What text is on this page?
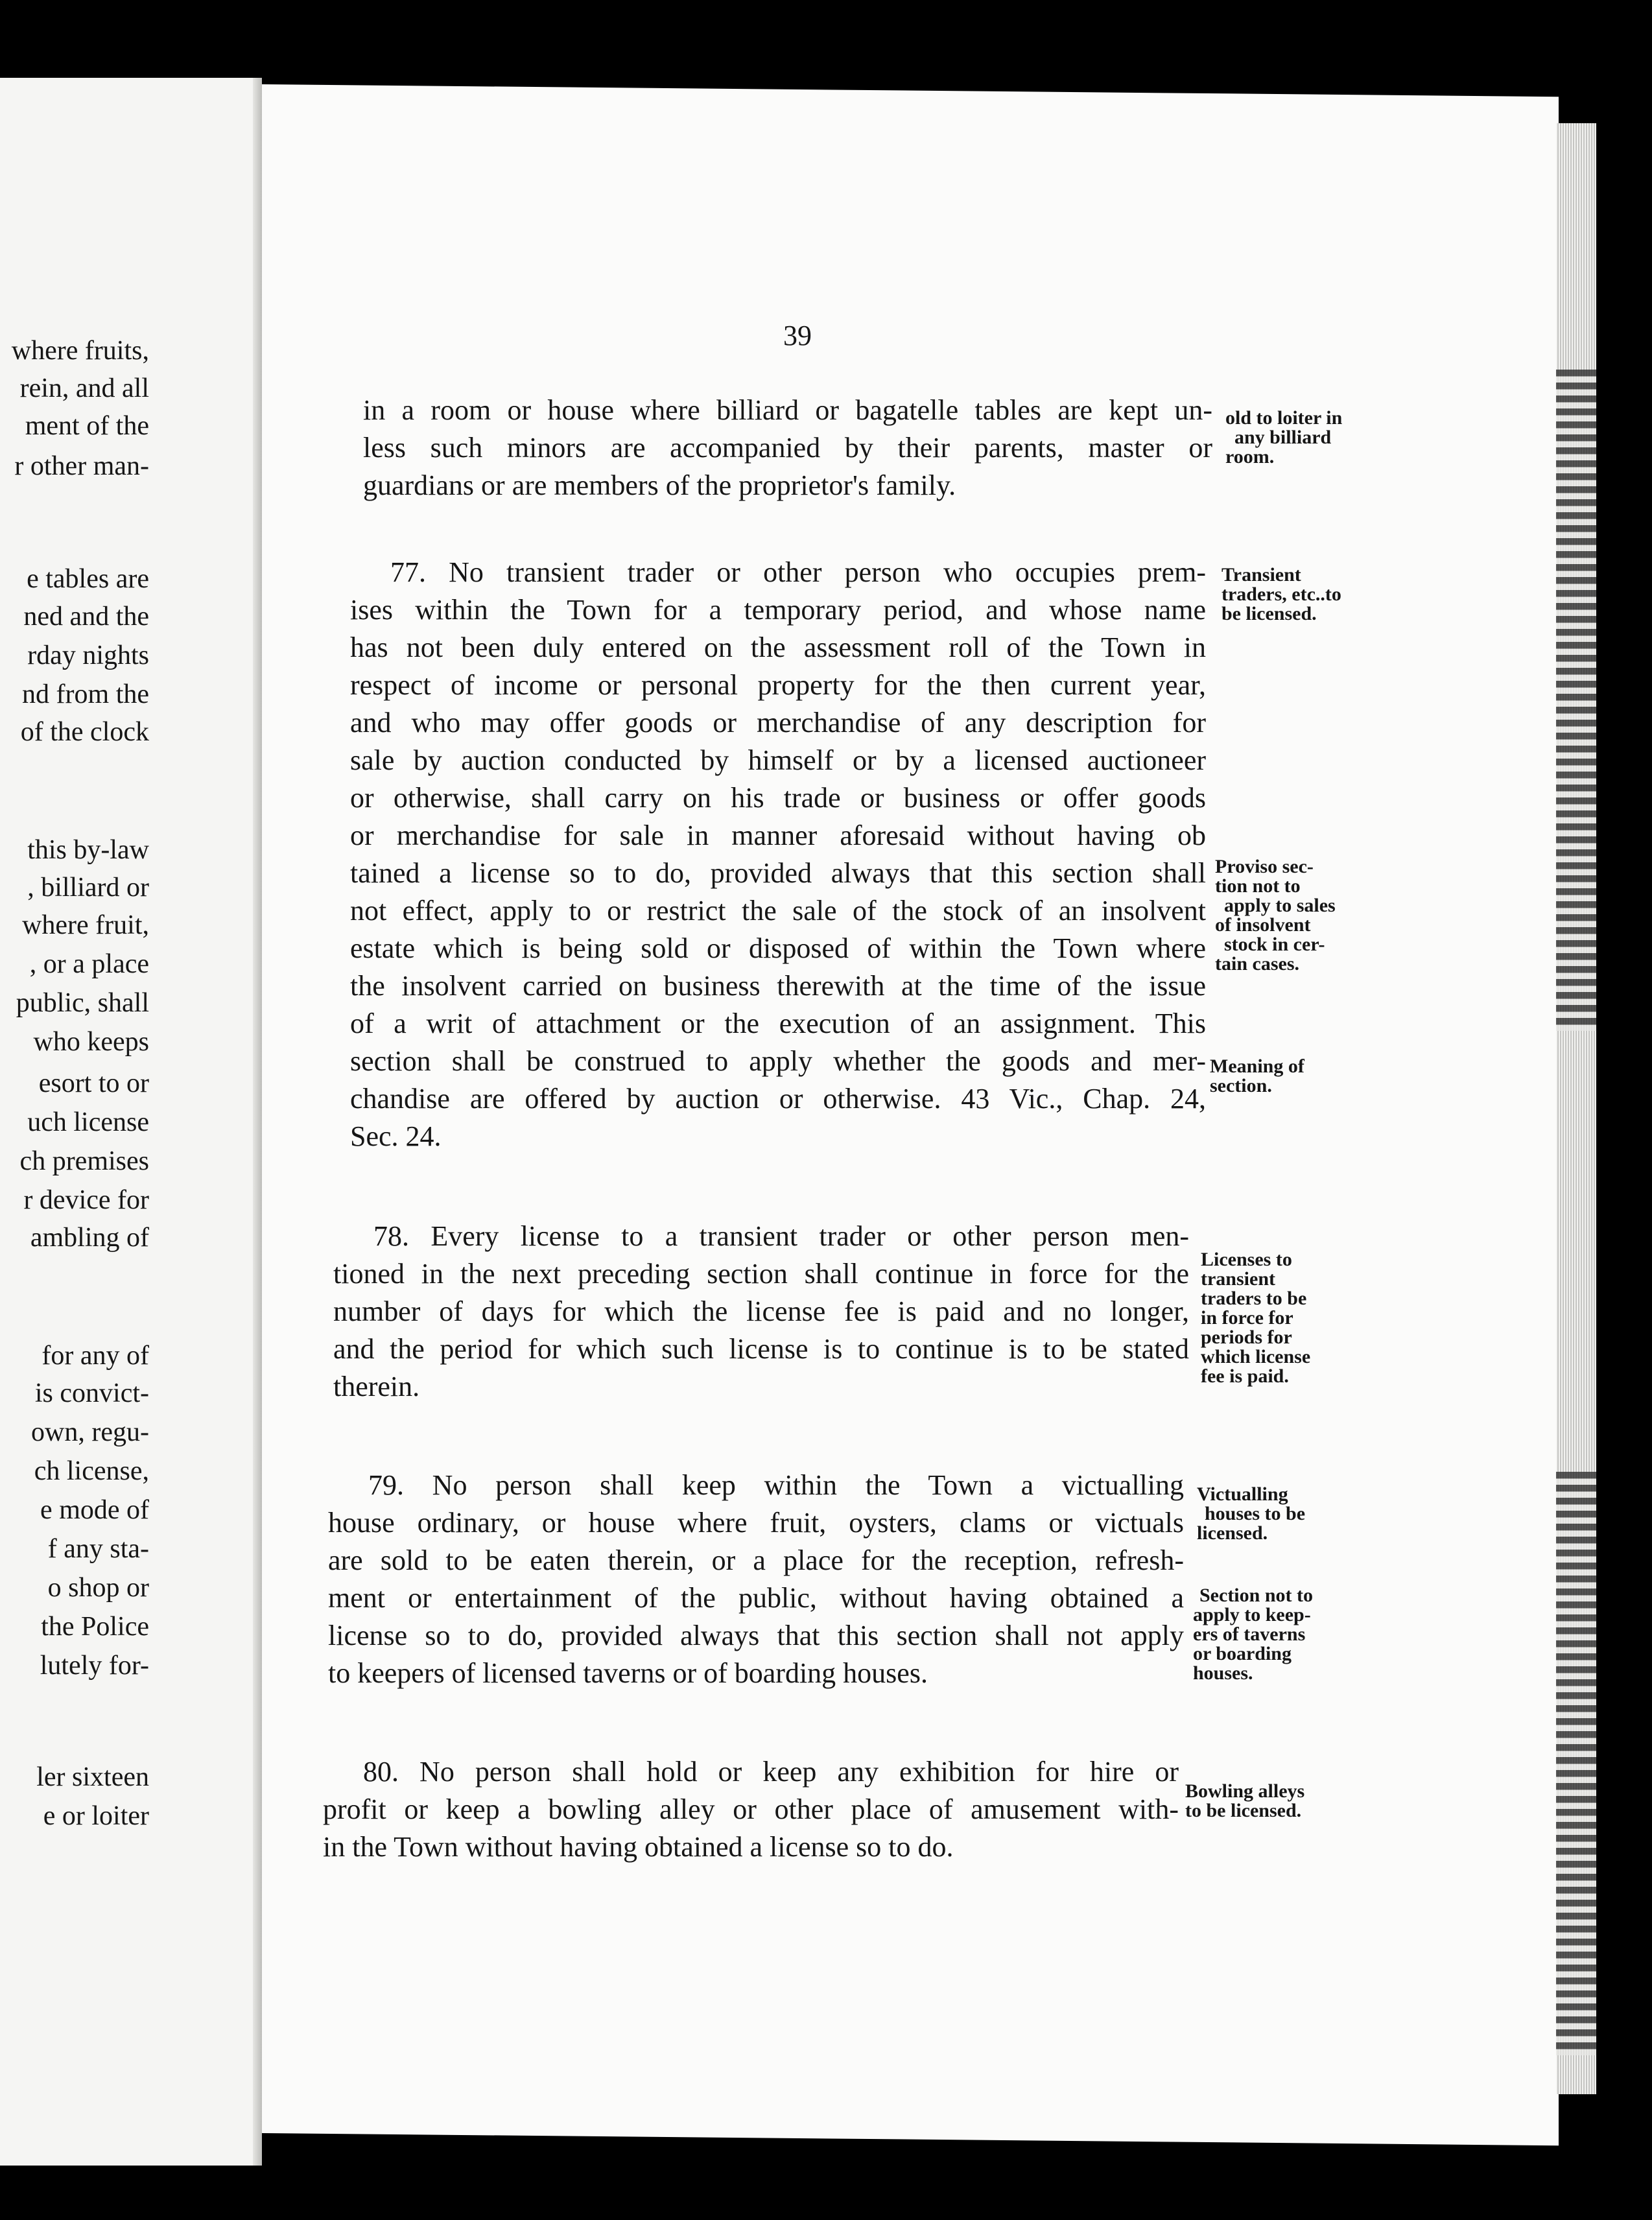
where fruits,
rein, and all
ment of the
r other man-
e tables are
ned and the
rday nights
nd from the
of the clock
this by-law
, billiard or
where fruit,
, or a place
public, shall
who keeps
esort to or
uch license
ch premises
r device for
ambling of
for any of
is convict-
own, regu-
ch license,
e mode of
f any sta-
o shop or
the Police
lutely for-
ler sixteen
e or loiter
39
in a room or house where billiard or bagatelle tables are kept un-
less such minors are accompanied by their parents, master or
guardians or are members of the proprietor's family.
old to loiter in
any billiard
room.
77. No transient trader or other person who occupies prem-
ises within the Town for a temporary period, and whose name
has not been duly entered on the assessment roll of the Town in
respect of income or personal property for the then current year,
and who may offer goods or merchandise of any description for
sale by auction conducted by himself or by a licensed auctioneer
or otherwise, shall carry on his trade or business or offer goods
or merchandise for sale in manner aforesaid without having ob
tained a license so to do, provided always that this section shall
not effect, apply to or restrict the sale of the stock of an insolvent
estate which is being sold or disposed of within the Town where
the insolvent carried on business therewith at the time of the issue
of a writ of attachment or the execution of an assignment. This
section shall be construed to apply whether the goods and mer-
chandise are offered by auction or otherwise. 43 Vic., Chap. 24,
Sec. 24.
Transient
traders, etc..to
be licensed.
Proviso sec-
tion not to
apply to sales
of insolvent
stock in cer-
tain cases.
Meaning of
section.
78. Every license to a transient trader or other person men-
tioned in the next preceding section shall continue in force for the
number of days for which the license fee is paid and no longer,
and the period for which such license is to continue is to be stated
therein.
Licenses to
transient
traders to be
in force for
periods for
which license
fee is paid.
79. No person shall keep within the Town a victualling
house ordinary, or house where fruit, oysters, clams or victuals
are sold to be eaten therein, or a place for the reception, refresh-
ment or entertainment of the public, without having obtained a
license so to do, provided always that this section shall not apply
to keepers of licensed taverns or of boarding houses.
Victualling
houses to be
licensed.
Section not to
apply to keep-
ers of taverns
or boarding
houses.
80. No person shall hold or keep any exhibition for hire or
profit or keep a bowling alley or other place of amusement with-
in the Town without having obtained a license so to do.
Bowling alleys
to be licensed.
